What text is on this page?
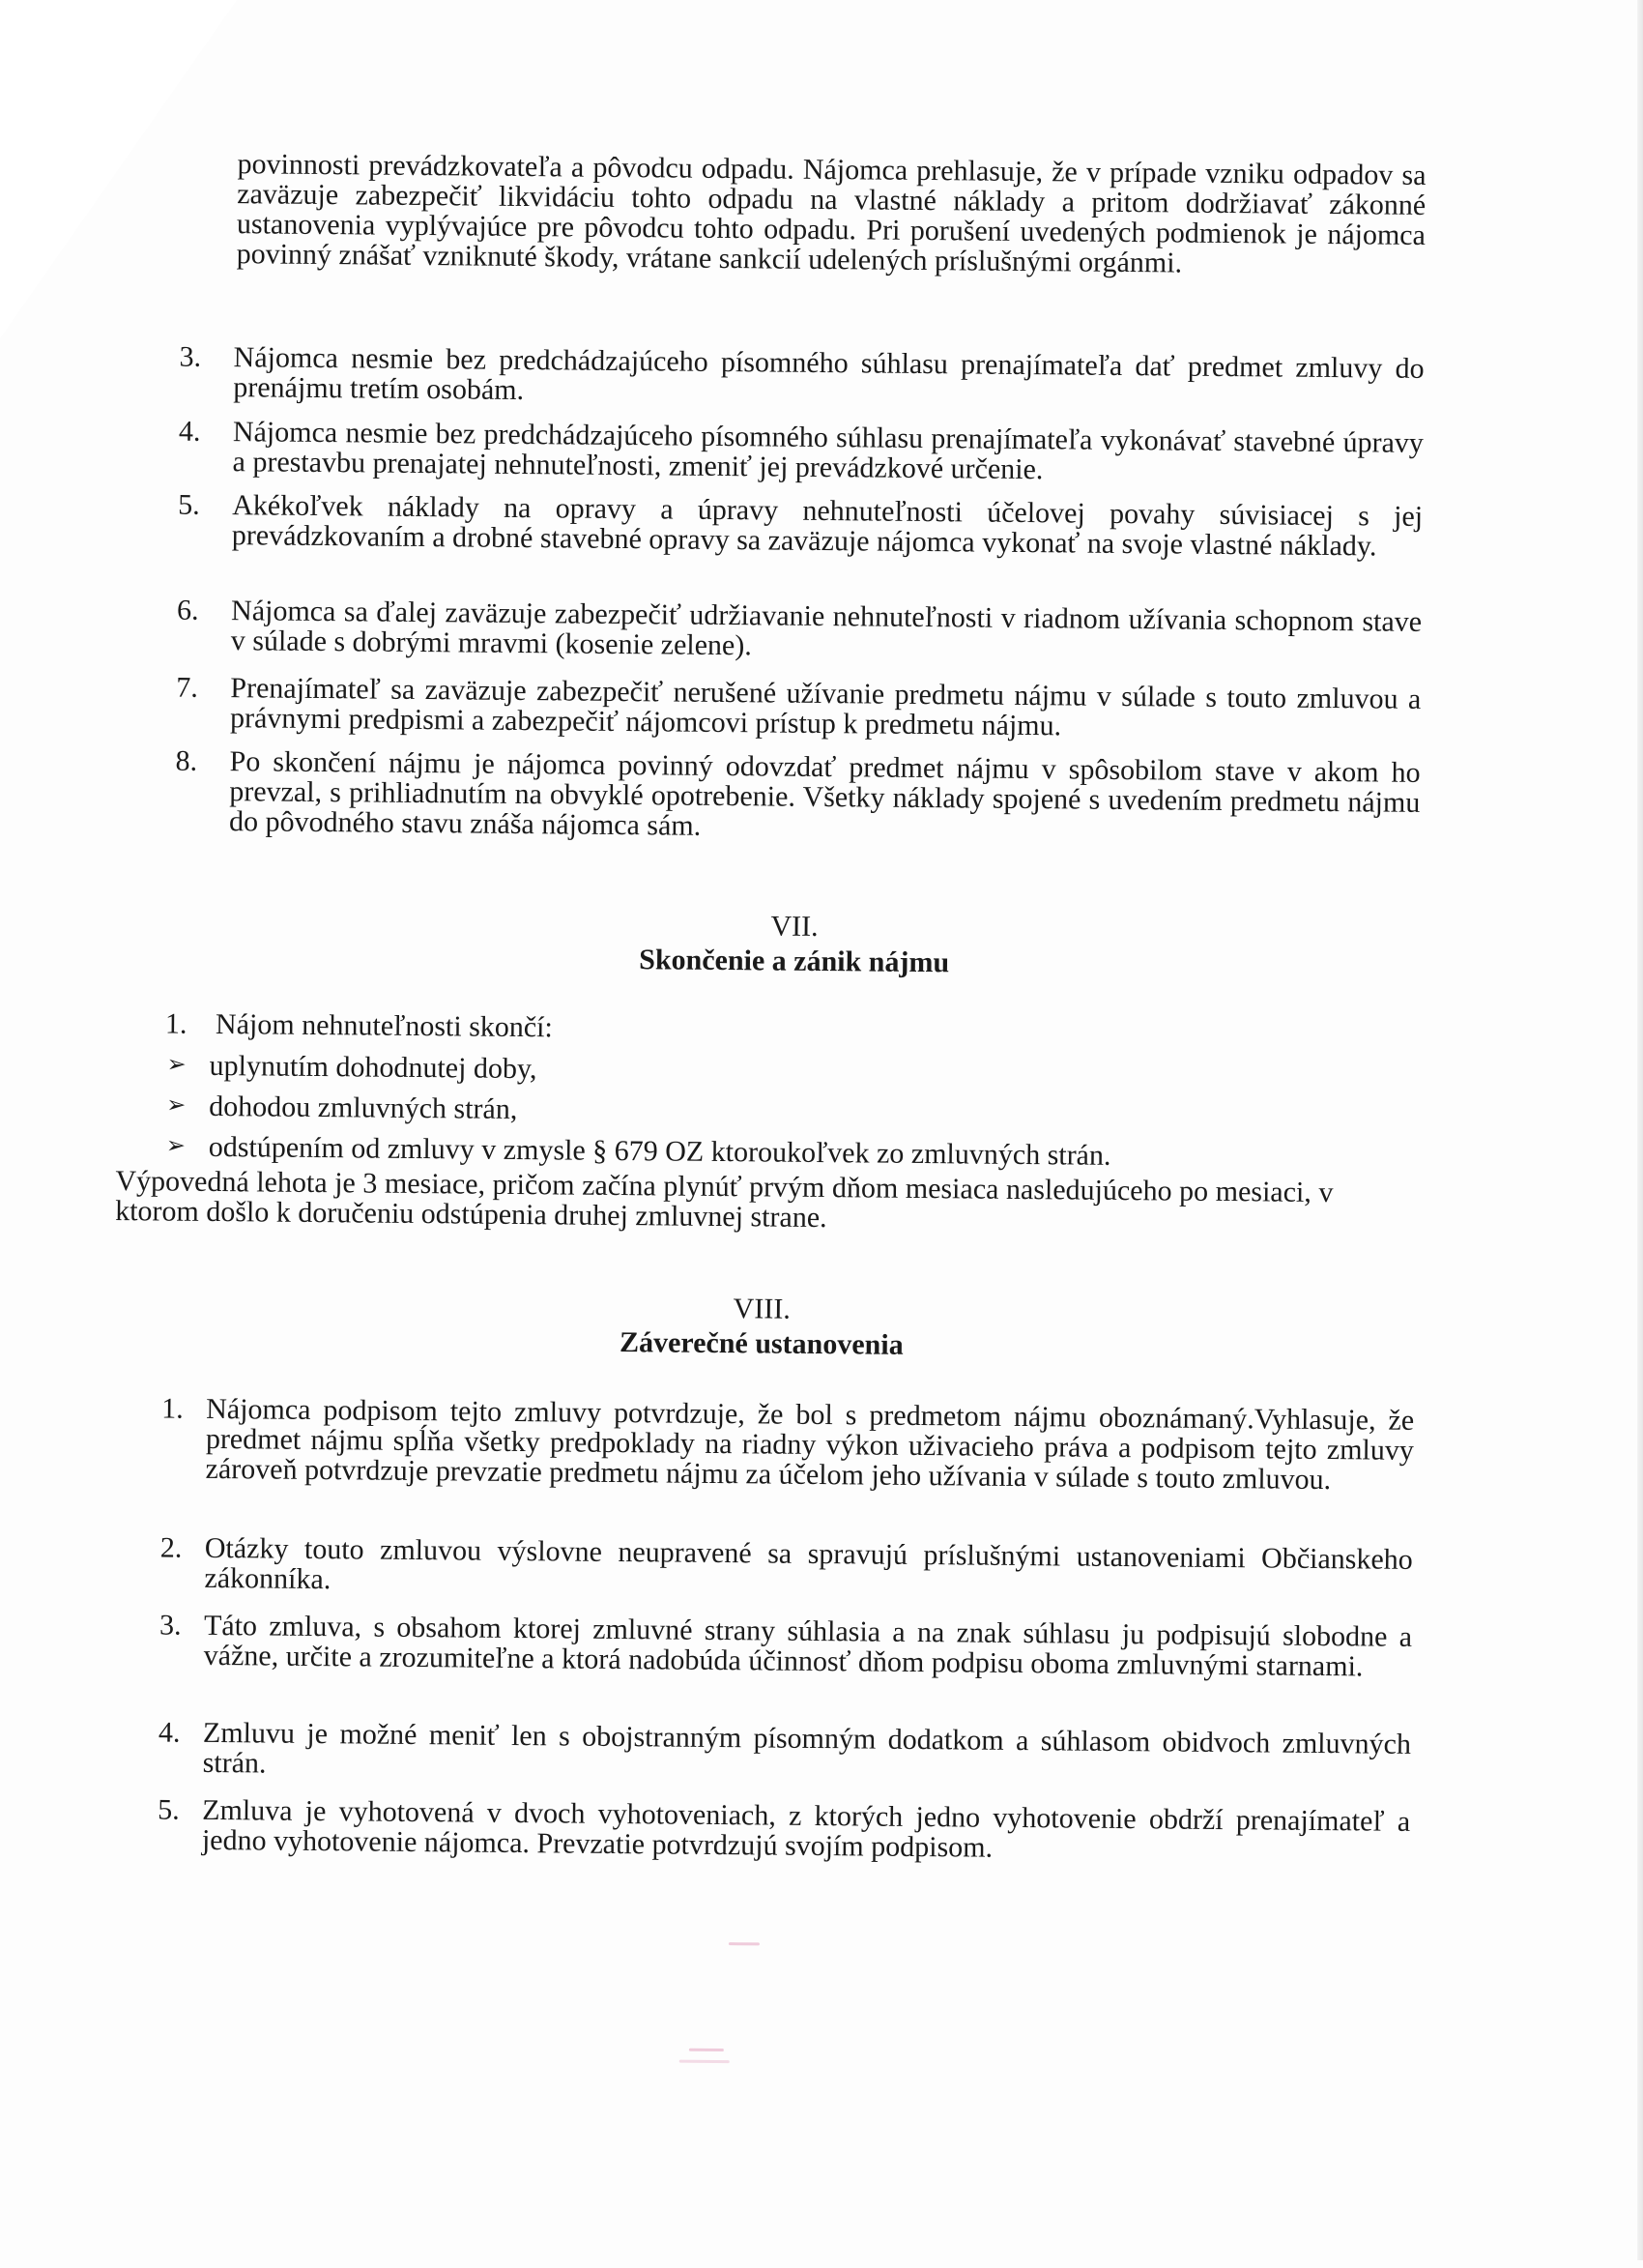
povinnosti prevádzkovateľa a pôvodcu odpadu. Nájomca prehlasuje, že v prípade vzniku odpadov sa zaväzuje zabezpečiť likvidáciu tohto odpadu na vlastné náklady a pritom dodržiavať zákonné ustanovenia vyplývajúce pre pôvodcu tohto odpadu. Pri porušení uvedených podmienok je nájomca povinný znášať vzniknuté škody, vrátane sankcií udelených príslušnými orgánmi.
3. Nájomca nesmie bez predchádzajúceho písomného súhlasu prenajímateľa dať predmet zmluvy do prenájmu tretím osobám.
4. Nájomca nesmie bez predchádzajúceho písomného súhlasu prenajímateľa vykonávať stavebné úpravy a prestavbu prenajatej nehnuteľnosti, zmeniť jej prevádzkové určenie.
5. Akékoľvek náklady na opravy a úpravy nehnuteľnosti účelovej povahy súvisiacej s jej prevádzkovaním a drobné stavebné opravy sa zaväzuje nájomca vykonať na svoje vlastné náklady.
6. Nájomca sa ďalej zaväzuje zabezpečiť udržiavanie nehnuteľnosti v riadnom užívania schopnom stave v súlade s dobrými mravmi (kosenie zelene).
7. Prenajímateľ sa zaväzuje zabezpečiť nerušené užívanie predmetu nájmu v súlade s touto zmluvou a právnymi predpismi a zabezpečiť nájomcovi prístup k predmetu nájmu.
8. Po skončení nájmu je nájomca povinný odovzdať predmet nájmu v spôsobilom stave v akom ho prevzal, s prihliadnutím na obvyklé opotrebenie. Všetky náklady spojené s uvedením predmetu nájmu do pôvodného stavu znáša nájomca sám.
VII.
Skončenie a zánik nájmu
1. Nájom nehnuteľnosti skončí:
➢ uplynutím dohodnutej doby,
➢ dohodou zmluvných strán,
➢ odstúpením od zmluvy v zmysle § 679 OZ ktoroukoľvek zo zmluvných strán.
Výpovedná lehota je 3 mesiace, pričom začína plynúť prvým dňom mesiaca nasledujúceho po mesiaci, v ktorom došlo k doručeniu odstúpenia druhej zmluvnej strane.
VIII.
Záverečné ustanovenia
1. Nájomca podpisom tejto zmluvy potvrdzuje, že bol s predmetom nájmu oboznámaný.Vyhlasuje, že predmet nájmu spĺňa všetky predpoklady na riadny výkon uživacieho práva a podpisom tejto zmluvy zároveň potvrdzuje prevzatie predmetu nájmu za účelom jeho užívania v súlade s touto zmluvou.
2. Otázky touto zmluvou výslovne neupravené sa spravujú príslušnými ustanoveniami Občianskeho zákonníka.
3. Táto zmluva, s obsahom ktorej zmluvné strany súhlasia a na znak súhlasu ju podpisujú slobodne a vážne, určite a zrozumiteľne a ktorá nadobúda účinnosť dňom podpisu oboma zmluvnými starnami.
4. Zmluvu je možné meniť len s obojstranným písomným dodatkom a súhlasom obidvoch zmluvných strán.
5. Zmluva je vyhotovená v dvoch vyhotoveniach, z ktorých jedno vyhotovenie obdrží prenajímateľ a jedno vyhotovenie nájomca. Prevzatie potvrdzujú svojím podpisom.
